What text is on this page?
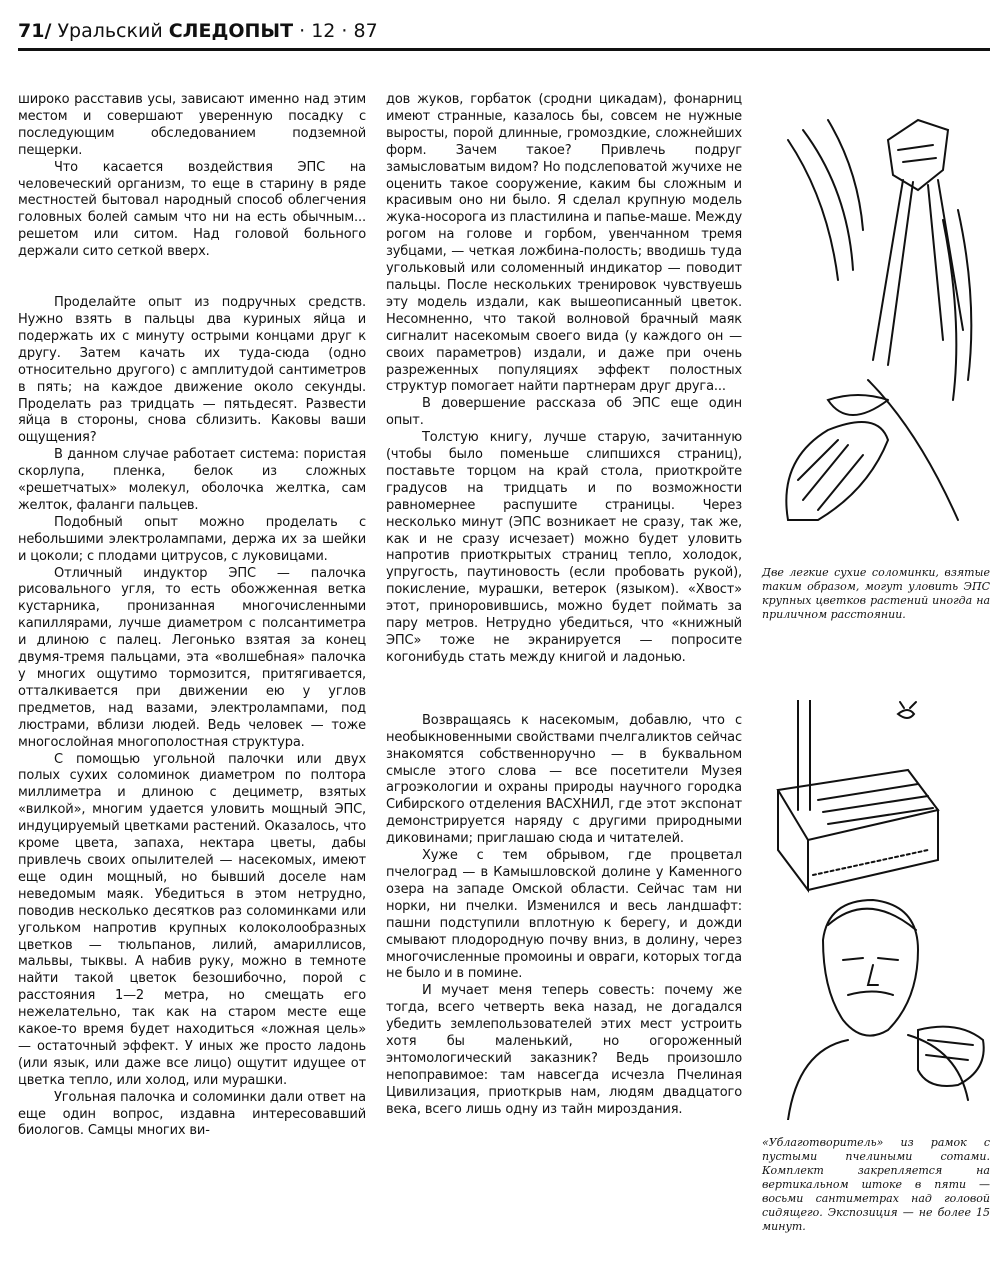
71/ Уральский СЛЕДОПЫТ · 12 · 87

широко расставив усы, зависают именно над этим местом и совершают уверенную посадку с последующим обследованием подземной пещерки.

Что касается воздействия ЭПС на человеческий организм, то еще в старину в ряде местностей бытовал народный способ облегчения головных болей самым что ни на есть обычным... решетом или ситом. Над головой больного держали сито сеткой вверх.

Проделайте опыт из подручных средств. Нужно взять в пальцы два куриных яйца и подержать их с минуту острыми концами друг к другу. Затем качать их туда-сюда (одно относительно другого) с амплитудой сантиметров в пять; на каждое движение около секунды. Проделать раз тридцать — пятьдесят. Развести яйца в стороны, снова сблизить. Каковы ваши ощущения?

В данном случае работает система: пористая скорлупа, пленка, белок из сложных «решетчатых» молекул, оболочка желтка, сам желток, фаланги пальцев.

Подобный опыт можно проделать с небольшими электролампами, держа их за шейки и цоколи; с плодами цитрусов, с луковицами.

Отличный индуктор ЭПС — палочка рисовального угля, то есть обожженная ветка кустарника, пронизанная многочисленными капиллярами, лучше диаметром с полсантиметра и длиною с палец. Легонько взятая за конец двумя-тремя пальцами, эта «волшебная» палочка у многих ощутимо тормозится, притягивается, отталкивается при движении ею у углов предметов, над вазами, электролампами, под люстрами, вблизи людей. Ведь человек — тоже многослойная многополостная структура.

С помощью угольной палочки или двух полых сухих соломинок диаметром по полтора миллиметра и длиною с дециметр, взятых «вилкой», многим удается уловить мощный ЭПС, индуцируемый цветками растений. Оказалось, что кроме цвета, запаха, нектара цветы, дабы привлечь своих опылителей — насекомых, имеют еще один мощный, но бывший доселе нам неведомым маяк. Убедиться в этом нетрудно, поводив несколько десятков раз соломинками или угольком напротив крупных колоколообразных цветков — тюльпанов, лилий, амариллисов, мальвы, тыквы. А набив руку, можно в темноте найти такой цветок безошибочно, порой с расстояния 1—2 метра, но смещать его нежелательно, так как на старом месте еще какое-то время будет находиться «ложная цель» — остаточный эффект. У иных же просто ладонь (или язык, или даже все лицо) ощутит идущее от цветка тепло, или холод, или мурашки.

Угольная палочка и соломинки дали ответ на еще один вопрос, издавна интересовавший биологов. Самцы многих ви-

дов жуков, горбаток (сродни цикадам), фонарниц имеют странные, казалось бы, совсем не нужные выросты, порой длинные, громоздкие, сложнейших форм. Зачем такое? Привлечь подруг замысловатым видом? Но подслеповатой жучихе не оценить такое сооружение, каким бы сложным и красивым оно ни было. Я сделал крупную модель жука-носорога из пластилина и папье-маше. Между рогом на голове и горбом, увенчанном тремя зубцами, — четкая ложбина-полость; вводишь туда угольковый или соломенный индикатор — поводит пальцы. После нескольких тренировок чувствуешь эту модель издали, как вышеописанный цветок. Несомненно, что такой волновой брачный маяк сигналит насекомым своего вида (у каждого он — своих параметров) издали, и даже при очень разреженных популяциях эффект полостных структур помогает найти партнерам друг друга...

В довершение рассказа об ЭПС еще один опыт.

Толстую книгу, лучше старую, зачитанную (чтобы было поменьше слипшихся страниц), поставьте торцом на край стола, приоткройте градусов на тридцать и по возможности равномернее распушите страницы. Через несколько минут (ЭПС возникает не сразу, так же, как и не сразу исчезает) можно будет уловить напротив приоткрытых страниц тепло, холодок, упругость, паутиновость (если пробовать рукой), покисление, мурашки, ветерок (языком). «Хвост» этот, приноровившись, можно будет поймать за пару метров. Нетрудно убедиться, что «книжный ЭПС» тоже не экранируется — попросите когонибудь стать между книгой и ладонью.

Возвращаясь к насекомым, добавлю, что с необыкновенными свойствами пчелгаликтов сейчас знакомятся собственноручно — в буквальном смысле этого слова — все посетители Музея агроэкологии и охраны природы научного городка Сибирского отделения ВАСХНИЛ, где этот экспонат демонстрируется наряду с другими природными диковинами; приглашаю сюда и читателей.

Хуже с тем обрывом, где процветал пчелоград — в Камышловской долине у Каменного озера на западе Омской области. Сейчас там ни норки, ни пчелки. Изменился и весь ландшафт: пашни подступили вплотную к берегу, и дожди смывают плодородную почву вниз, в долину, через многочисленные промоины и овраги, которых тогда не было и в помине.

И мучает меня теперь совесть: почему же тогда, всего четверть века назад, не догадался убедить землепользователей этих мест устроить хотя бы маленький, но огороженный энтомологический заказник? Ведь произошло непоправимое: там навсегда исчезла Пчелиная Цивилизация, приоткрыв нам, людям двадцатого века, всего лишь одну из тайн мироздания.

Две легкие сухие соломинки, взятые таким образом, могут уловить ЭПС крупных цветков растений иногда на приличном расстоянии.
«Ублаготворитель» из рамок с пустыми пчелиными сотами. Комплект закрепляется на вертикальном штоке в пяти — восьми сантиметрах над головой сидящего. Экспозиция — не более 15 минут.
